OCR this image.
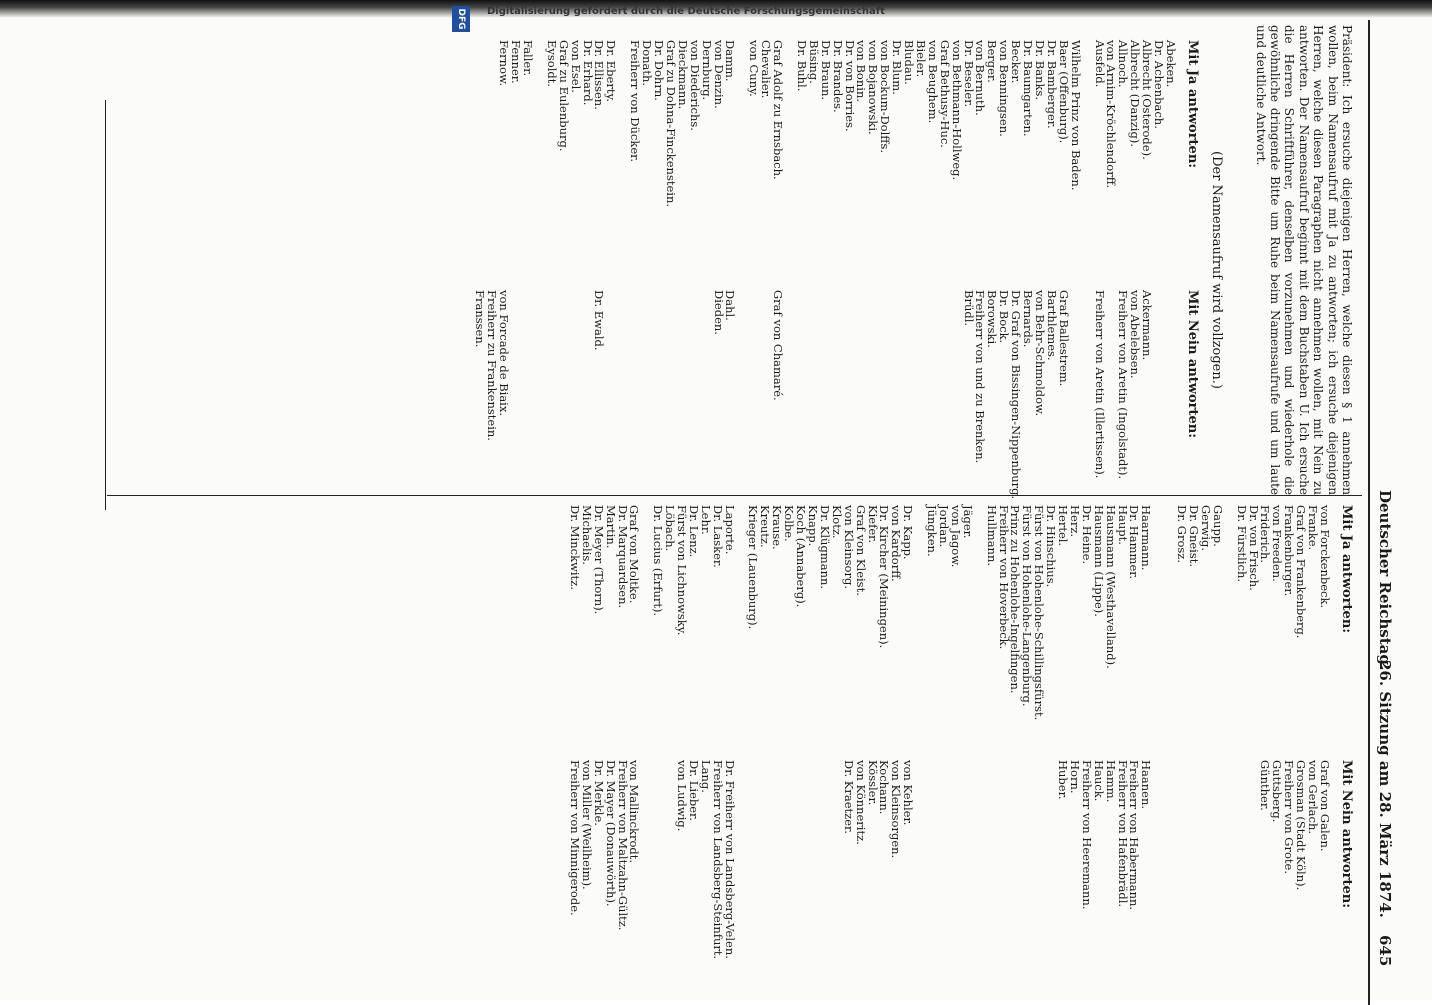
Deutscher Reichstag.
26. Sitzung am 28. März 1874.
645
Präsident: Ich ersuche diejenigen Herren, welche diesen § 1 annehmen wollen, beim Namensaufruf mit Ja zu antworten; ich ersuche diejenigen Herren, welche diesen Paragraphen nicht annehmen wollen, mit Nein zu antworten. Der Namensaufruf beginnt mit dem Buchstaben U. Ich ersuche die Herren Schriftführer, denselben vorzunehmen und wiederhole die gewöhnliche dringende Bitte um Ruhe beim Namensaufrufe und um laute und deutliche Antwort.
(Der Namensaufruf wird vollzogen.)
Mit Ja antworten:
Mit Nein antworten:
Abeken.
Dr. Achenbach.
Albrecht (Osterode).
Albrecht (Danzig).
Allnoch.
von Arnim-Kröchlendorff.
Ausfeld.

Wilhelm Prinz von Baden.
Baer (Offenburg).
Dr. Bamberger.
Dr. Banks.
Dr. Baumgarten.
Becker.
von Benningsen.
Berger.
von Bernuth.
Dr. Beseler.
von Bethmann-Hollweg.
Graf Bethusy-Huc.
von Beughem.
Bieler.
Bludau.
Dr. Blum.
von Bockum-Dolffs.
von Bojanowski.
von Bonin.
Dr. von Borries.
Dr. Brandes.
Dr. Braun.
Büsing.
Dr. Buhl.

Graf Adolf zu Ernsbach.
Chevalier.
von Cuny.

Damm.
von Denzin.
Dernburg.
von Diederichs.
Dieckmann.
Graf zu Dohna-Finckenstein.
Dr. Dohrn.
Donath.
Freiherr von Dücker.

Dr. Eberty.
Dr. Ellissen.
Dr. Erhard.
von Esel.
Graf zu Eulenburg.
Eysoldt.

Faller.
Fenner.
Fernow.

Ackermann.
von Abelebsen.
Freiherr von Aretin (Ingolstadt).

Freiherr von Aretin (Illertissen).

Graf Ballestrem.
Barthlemes.
von Behr-Schmoldow.
Bernards.
Dr. Graf von Bissingen-Nippenburg.
Dr. Bock.
Borowski.
Freiherr von und zu Brenken.
Brüdl.

Graf von Chamaré.

Dahl.
Dieden.

Dr. Ewald.

von Forcade de Biaix.
Freiherr zu Frankenstein.
Franssen.
Mit Ja antworten:
Mit Nein antworten:
von Forckenbeck.
Franke.
Graf von Frankenberg.
Frankenburger.
von Freeden.
Friderich.
Dr. von Frisch.
Dr. Fürstlich.

Gaupp.
Gerwig.
Dr. Gneist.
Dr. Grosz.

Haarmann.
Dr. Hammer.
Haupt.
Hausmann (Westhavelland).
Hausmann (Lippe).
Dr. Heine.
Herz.
Hertel.
Dr. Hinschius.
Fürst von Hohenlohe-Schillingsfürst.
Fürst von Hohenlohe-Langenburg.
Prinz zu Hohenlohe-Ingelfingen.
Freiherr von Hoverbeck.
Hullmann.

Jäger.
von Jagow.
Jordan.
Jüngken.

Dr. Kapp.
von Kardorff.
Dr. Kircher (Meiningen).
Kiefer.
Graf von Kleist.
von Kleinsorg.
Klotz.
Dr. Klügmann.
Knapp.
Koch (Annaberg).
Kolbe.
Krause.
Kreutz.
Krieger (Lauenburg).

Laporte.
Dr. Lasker.
Lehr.
Dr. Lenz.
Fürst von Lichnowsky.
Löbach.
Dr. Lucius (Erfurt).

Graf von Moltke.
Dr. Marquardsen.
Martin.
Dr. Meyer (Thorn).
Michaelis.
Dr. Minckwitz.
Graf von Galen.
von Gerlach.
Grosman (Stadt Köln).
Freiherr von Grote.
Guttsberg.
Günther.

Haanen.
Freiherr von Habermann.
Freiherr von Hafenbrädl.
Hamm.
Hauck.
Freiherr von Heeremann.
Horn.
Huber.

von Kehler.
von Kleinsorgen.
Kochann.
Kössler.
von Könneritz.
Dr. Kraetzer.

Dr. Freiherr von Landsberg-Velen.
Freiherr von Landsberg-Steinfurt.
Lang.
Dr. Lieber.
von Ludwig.

von Mallinckrodt.
Freiherr von Maltzahn-Gültz.
Dr. Mayer (Donauwörth).
Dr. Merkle.
von Miller (Weilheim).
Freiherr von Minnigerode.
DFG	Digitalisierung gefördert durch die Deutsche Forschungsgemeinschaft
